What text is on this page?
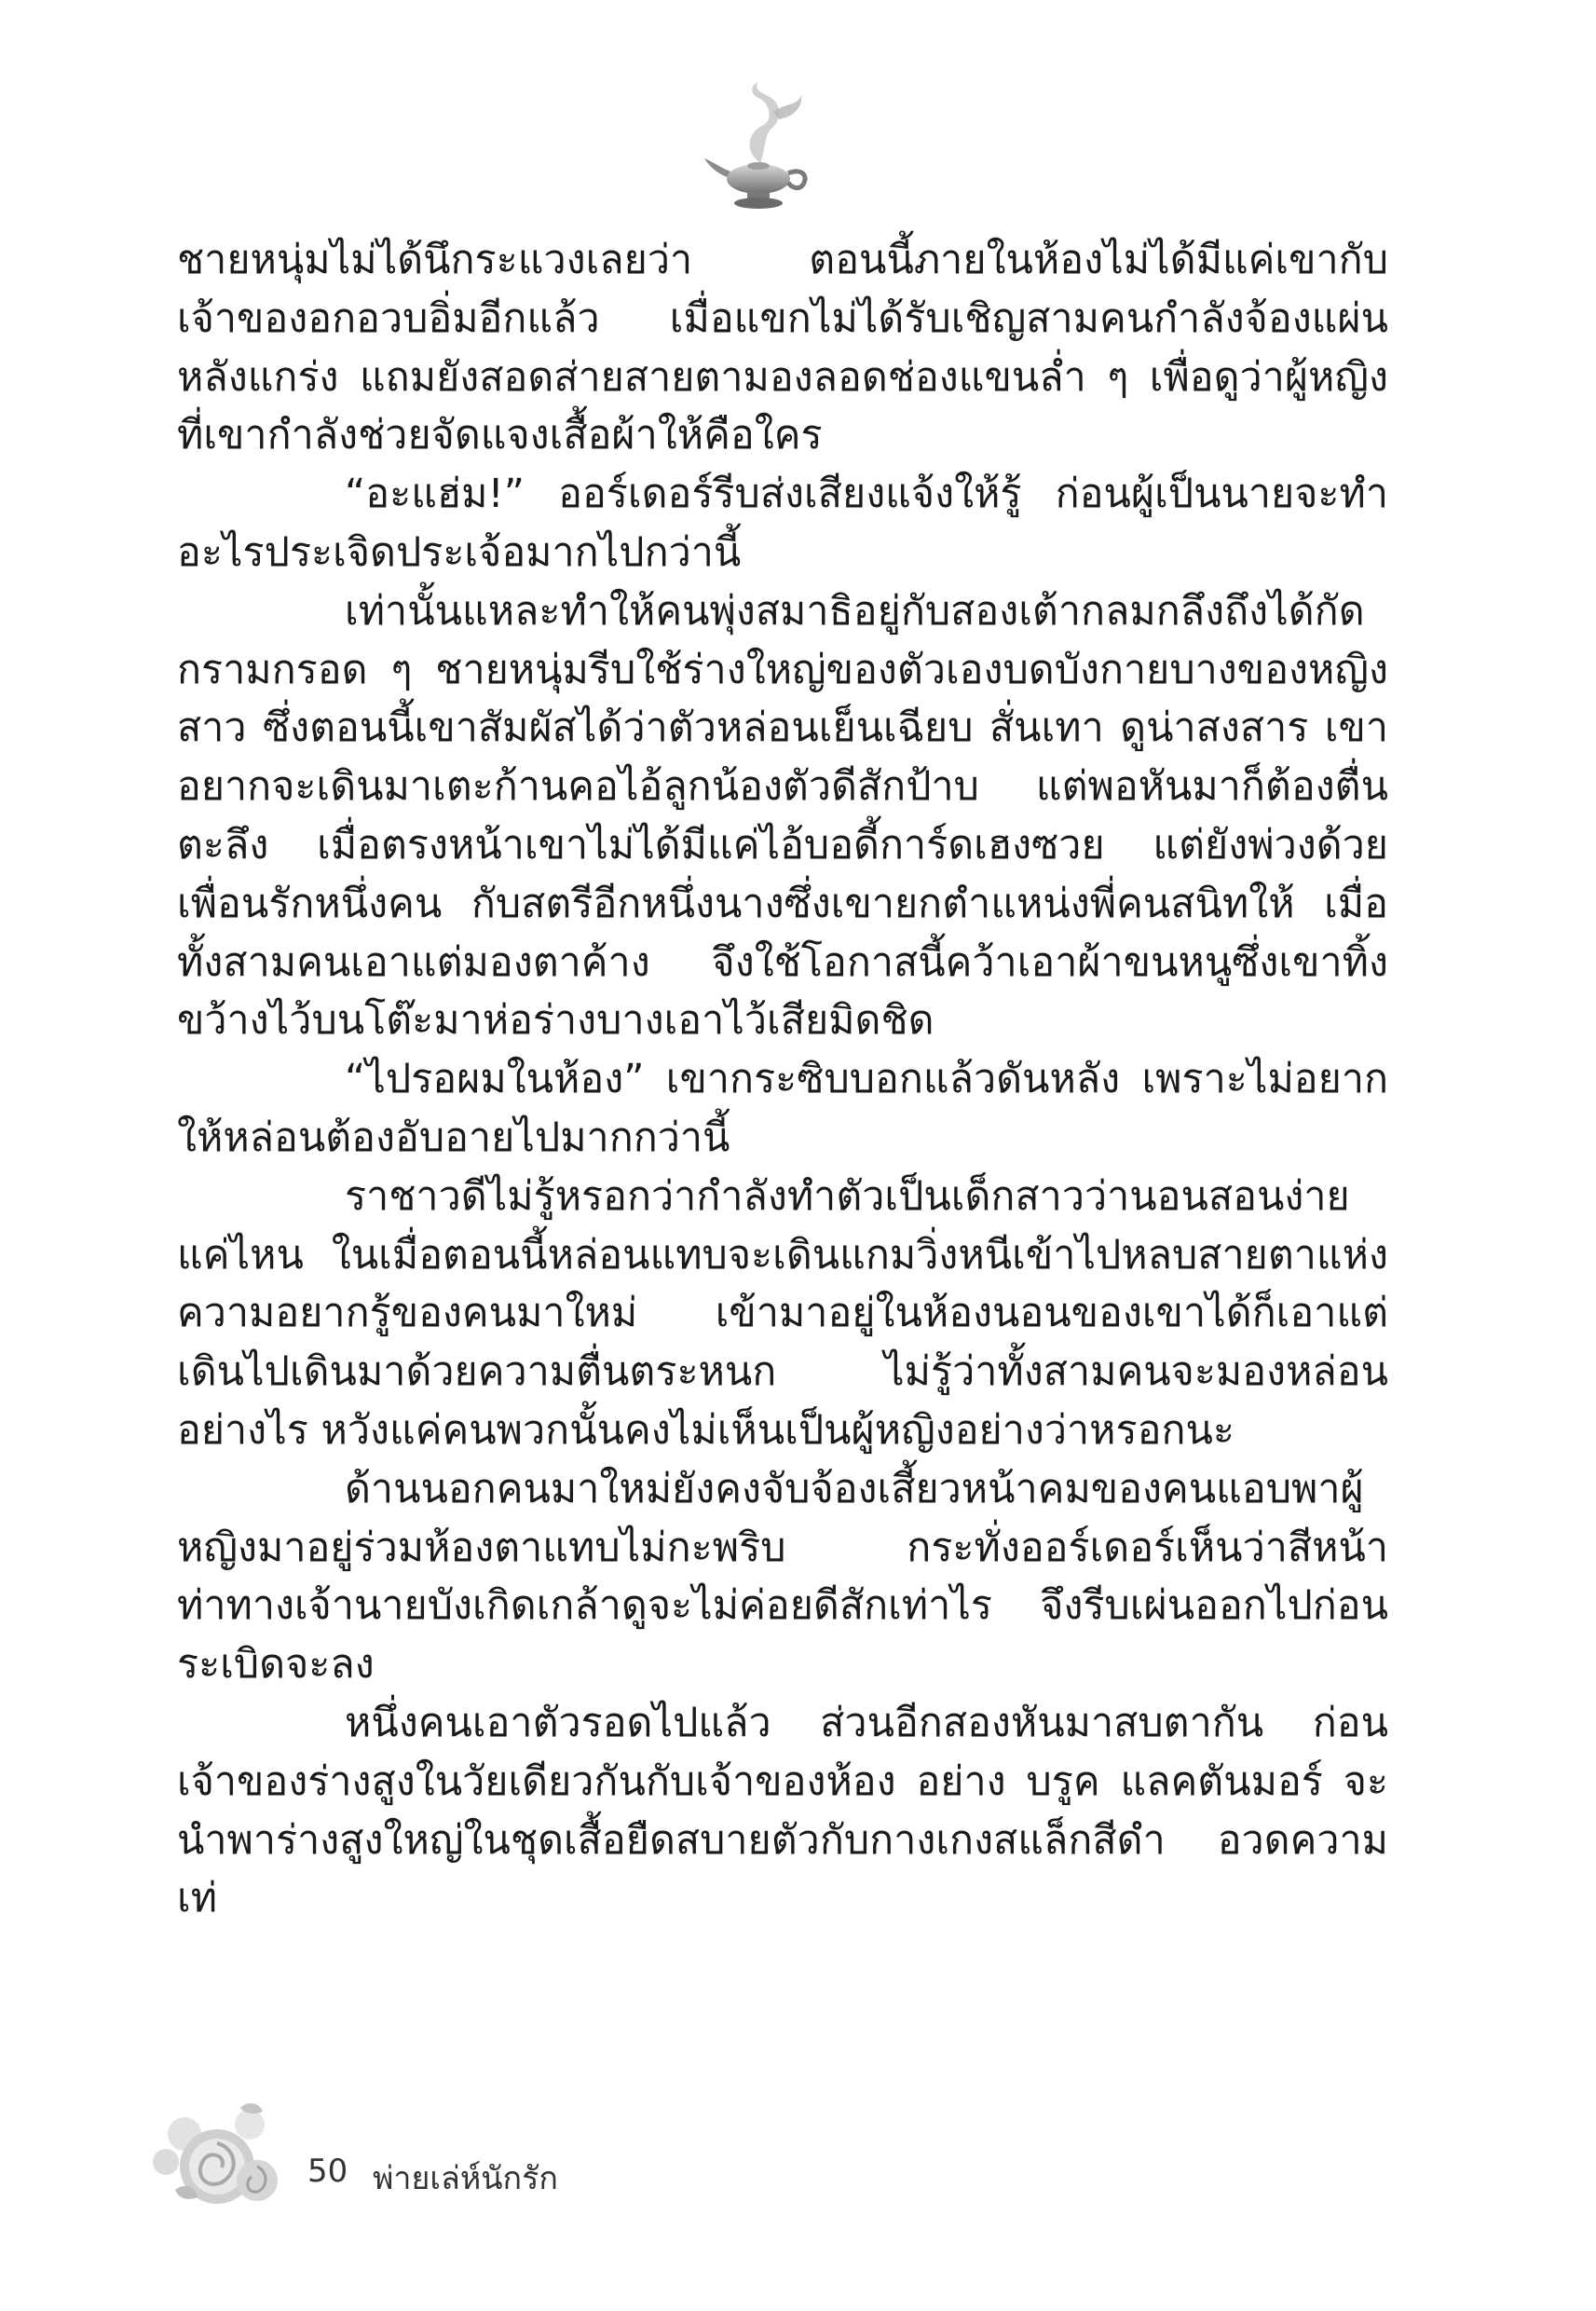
ชายหนุ่มไม่ได้นึกระแวงเลยว่า ตอนนี้ภายในห้องไม่ได้มีแค่เขากับเจ้าของอกอวบอิ่มอีกแล้ว เมื่อแขกไม่ได้รับเชิญสามคนกำลังจ้องแผ่นหลังแกร่ง แถมยังสอดส่ายสายตามองลอดช่องแขนลํ่า ๆ เพื่อดูว่าผู้หญิงที่เขากำลังช่วยจัดแจงเสื้อผ้าให้คือใคร

“อะแฮ่ม!” ออร์เดอร์รีบส่งเสียงแจ้งให้รู้ ก่อนผู้เป็นนายจะทำอะไรประเจิดประเจ้อมากไปกว่านี้

เท่านั้นแหละทำให้คนพุ่งสมาธิอยู่กับสองเต้ากลมกลึงถึงได้กัดกรามกรอด ๆ ชายหนุ่มรีบใช้ร่างใหญ่ของตัวเองบดบังกายบางของหญิงสาว ซึ่งตอนนี้เขาสัมผัสได้ว่าตัวหล่อนเย็นเฉียบ สั่นเทา ดูน่าสงสาร เขาอยากจะเดินมาเตะก้านคอไอ้ลูกน้องตัวดีสักป้าบ แต่พอหันมาก็ต้องตื่นตะลึง เมื่อตรงหน้าเขาไม่ได้มีแค่ไอ้บอดี้การ์ดเฮงซวย แต่ยังพ่วงด้วยเพื่อนรักหนึ่งคน กับสตรีอีกหนึ่งนางซึ่งเขายกตำแหน่งพี่คนสนิทให้ เมื่อทั้งสามคนเอาแต่มองตาค้าง จึงใช้โอกาสนี้คว้าเอาผ้าขนหนูซึ่งเขาทิ้งขว้างไว้บนโต๊ะมาห่อร่างบางเอาไว้เสียมิดชิด

“ไปรอผมในห้อง” เขากระซิบบอกแล้วดันหลัง เพราะไม่อยากให้หล่อนต้องอับอายไปมากกว่านี้

ราชาวดีไม่รู้หรอกว่ากำลังทำตัวเป็นเด็กสาวว่านอนสอนง่ายแค่ไหน ในเมื่อตอนนี้หล่อนแทบจะเดินแกมวิ่งหนีเข้าไปหลบสายตาแห่งความอยากรู้ของคนมาใหม่ เข้ามาอยู่ในห้องนอนของเขาได้ก็เอาแต่เดินไปเดินมาด้วยความตื่นตระหนก ไม่รู้ว่าทั้งสามคนจะมองหล่อนอย่างไร หวังแค่คนพวกนั้นคงไม่เห็นเป็นผู้หญิงอย่างว่าหรอกนะ

ด้านนอกคนมาใหม่ยังคงจับจ้องเสี้ยวหน้าคมของคนแอบพาผู้หญิงมาอยู่ร่วมห้องตาแทบไม่กะพริบ กระทั่งออร์เดอร์เห็นว่าสีหน้าท่าทางเจ้านายบังเกิดเกล้าดูจะไม่ค่อยดีสักเท่าไร จึงรีบเผ่นออกไปก่อนระเบิดจะลง

หนึ่งคนเอาตัวรอดไปแล้ว ส่วนอีกสองหันมาสบตากัน ก่อนเจ้าของร่างสูงในวัยเดียวกันกับเจ้าของห้อง อย่าง บรูค แลคตันมอร์ จะนำพาร่างสูงใหญ่ในชุดเสื้อยืดสบายตัวกับกางเกงสแล็กสีดำ อวดความเท่

50 พ่ายเล่ห์นักรัก
